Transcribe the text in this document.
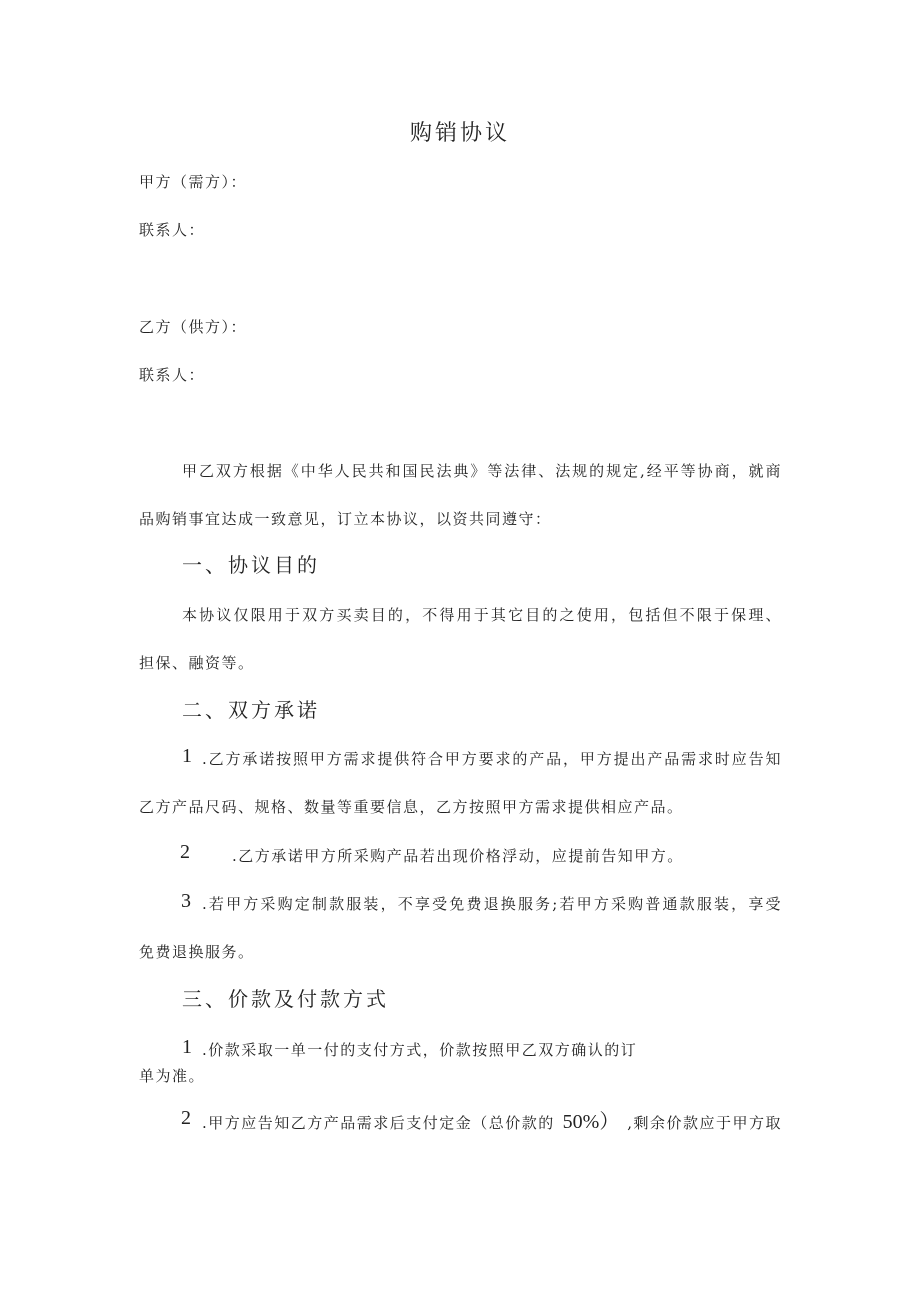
购销协议
甲方（需方）：
联系人：
乙方（供方）：
联系人：
甲乙双方根据《中华人民共和国民法典》等法律、法规的规定,经平等协商，就商
品购销事宜达成一致意见，订立本协议，以资共同遵守：
一、协议目的
本协议仅限用于双方买卖目的，不得用于其它目的之使用，包括但不限于保理、
担保、融资等。
二、双方承诺
1 .乙方承诺按照甲方需求提供符合甲方要求的产品，甲方提出产品需求时应告知
乙方产品尺码、规格、数量等重要信息，乙方按照甲方需求提供相应产品。
2	.乙方承诺甲方所采购产品若出现价格浮动，应提前告知甲方。
3 .若甲方采购定制款服装，不享受免费退换服务;若甲方采购普通款服装，享受
免费退换服务。
三、价款及付款方式
1 .价款采取一单一付的支付方式，价款按照甲乙双方确认的订
单为准。
2 .甲方应告知乙方产品需求后支付定金（总价款的 50%） ,剩余价款应于甲方取
